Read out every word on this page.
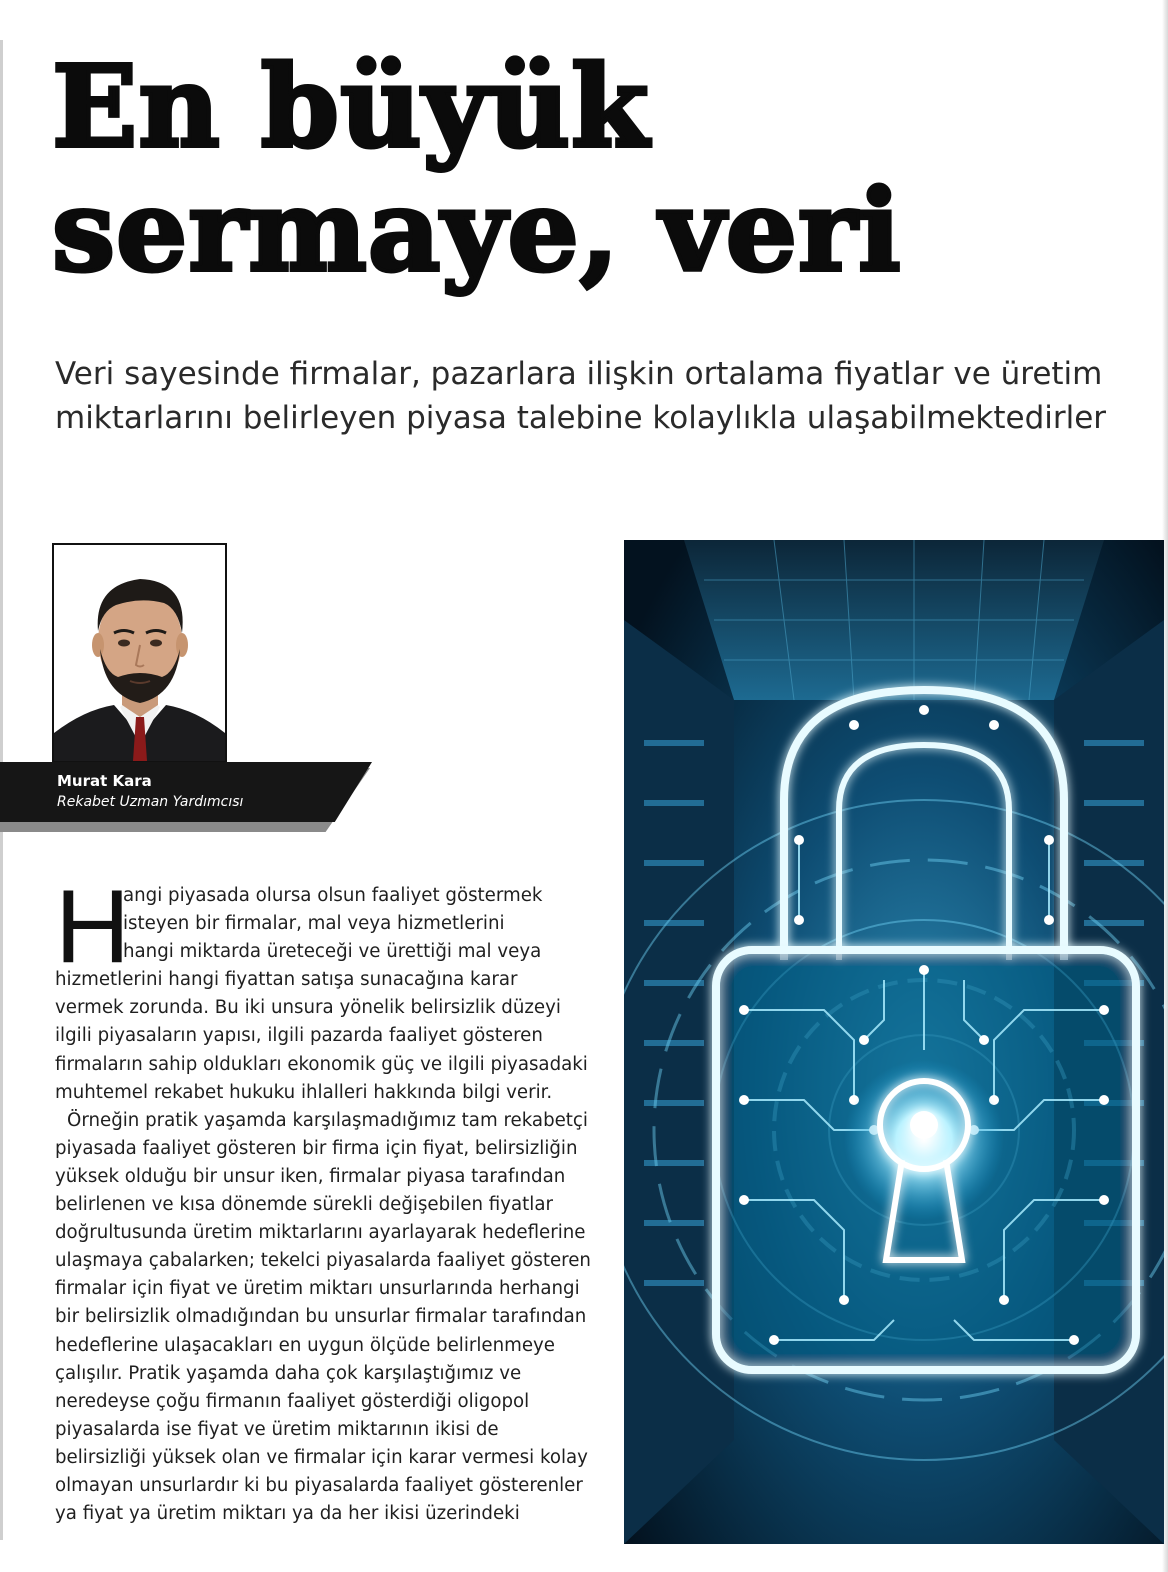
En büyük
sermaye, veri
Veri sayesinde firmalar, pazarlara ilişkin ortalama fiyatlar ve üretim
miktarlarını belirleyen piyasa talebine kolaylıkla ulaşabilmektedirler
Murat Kara
Rekabet Uzman Yardımcısı
H
angi piyasada olursa olsun faaliyet göstermek
isteyen bir firmalar, mal veya hizmetlerini
hangi miktarda üreteceği ve ürettiği mal veya
hizmetlerini hangi fiyattan satışa sunacağına karar
vermek zorunda. Bu iki unsura yönelik belirsizlik düzeyi
ilgili piyasaların yapısı, ilgili pazarda faaliyet gösteren
firmaların sahip oldukları ekonomik güç ve ilgili piyasadaki
muhtemel rekabet hukuku ihlalleri hakkında bilgi verir.
Örneğin pratik yaşamda karşılaşmadığımız tam rekabetçi
piyasada faaliyet gösteren bir firma için fiyat, belirsizliğin
yüksek olduğu bir unsur iken, firmalar piyasa tarafından
belirlenen ve kısa dönemde sürekli değişebilen fiyatlar
doğrultusunda üretim miktarlarını ayarlayarak hedeflerine
ulaşmaya çabalarken; tekelci piyasalarda faaliyet gösteren
firmalar için fiyat ve üretim miktarı unsurlarında herhangi
bir belirsizlik olmadığından bu unsurlar firmalar tarafından
hedeflerine ulaşacakları en uygun ölçüde belirlenmeye
çalışılır. Pratik yaşamda daha çok karşılaştığımız ve
neredeyse çoğu firmanın faaliyet gösterdiği oligopol
piyasalarda ise fiyat ve üretim miktarının ikisi de
belirsizliği yüksek olan ve firmalar için karar vermesi kolay
olmayan unsurlardır ki bu piyasalarda faaliyet gösterenler
ya fiyat ya üretim miktarı ya da her ikisi üzerindeki
